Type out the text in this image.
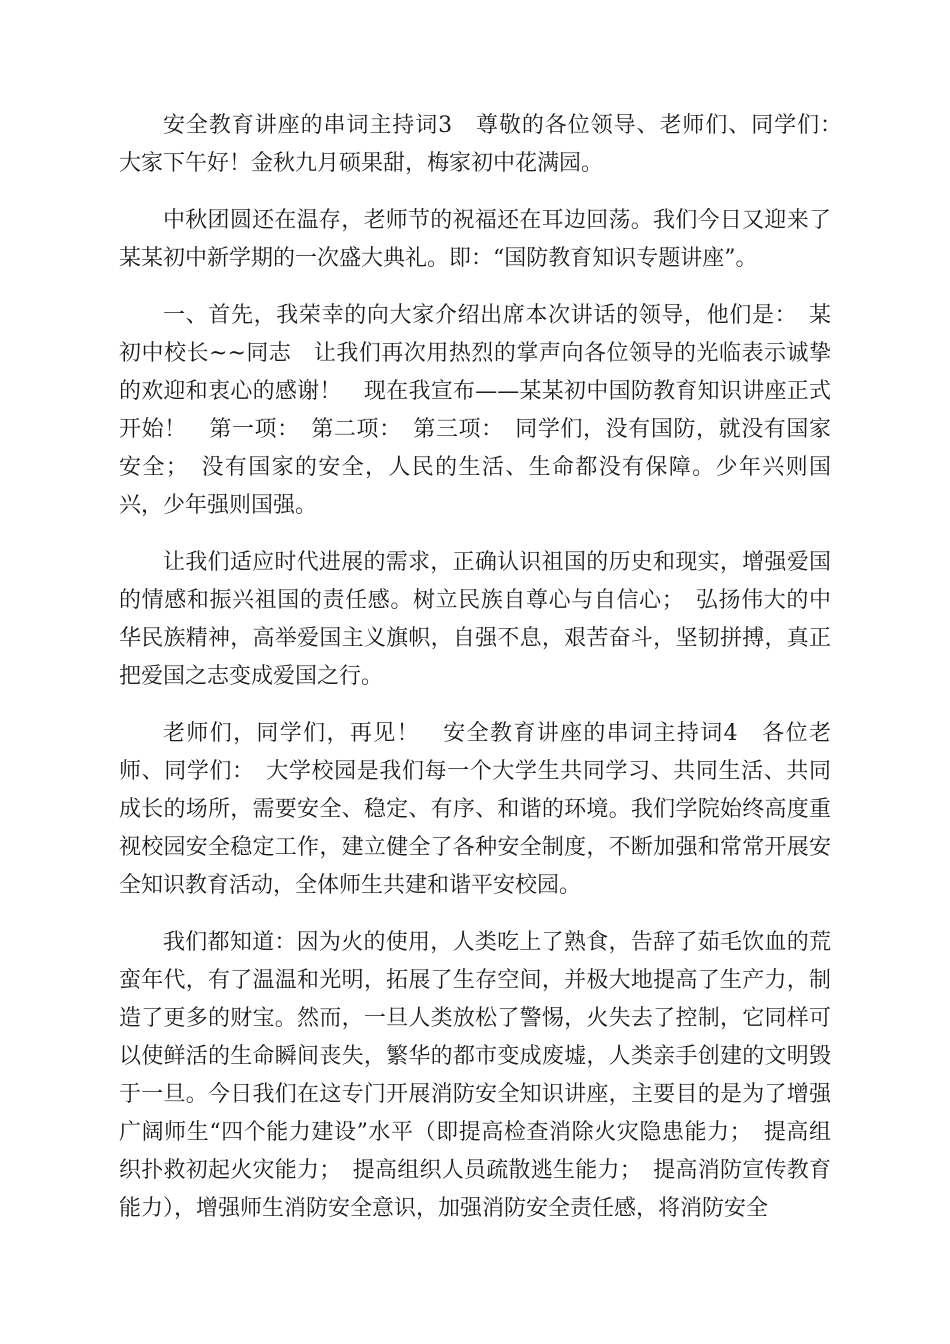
安全教育讲座的串词主持词3　尊敬的各位领导、老师们、同学们：　大家下午好！金秋九月硕果甜，梅家初中花满园。

中秋团圆还在温存，老师节的祝福还在耳边回荡。我们今日又迎来了某某初中新学期的一次盛大典礼。即：“国防教育知识专题讲座”。

一、首先，我荣幸的向大家介绍出席本次讲话的领导，他们是：　某初中校长~~同志　让我们再次用热烈的掌声向各位领导的光临表示诚挚的欢迎和衷心的感谢！　现在我宣布——某某初中国防教育知识讲座正式开始！　第一项：　第二项：　第三项：　同学们，没有国防，就没有国家安全；　没有国家的安全，人民的生活、生命都没有保障。少年兴则国兴，少年强则国强。

让我们适应时代进展的需求，正确认识祖国的历史和现实，增强爱国的情感和振兴祖国的责任感。树立民族自尊心与自信心；　弘扬伟大的中华民族精神，高举爱国主义旗帜，自强不息，艰苦奋斗，坚韧拼搏，真正把爱国之志变成爱国之行。

老师们，同学们，再见！　安全教育讲座的串词主持词4　各位老师、同学们：　大学校园是我们每一个大学生共同学习、共同生活、共同成长的场所，需要安全、稳定、有序、和谐的环境。我们学院始终高度重视校园安全稳定工作，建立健全了各种安全制度，不断加强和常常开展安全知识教育活动，全体师生共建和谐平安校园。

我们都知道：因为火的使用，人类吃上了熟食，告辞了茹毛饮血的荒蛮年代，有了温温和光明，拓展了生存空间，并极大地提高了生产力，制造了更多的财宝。然而，一旦人类放松了警惕，火失去了控制，它同样可以使鲜活的生命瞬间丧失，繁华的都市变成废墟，人类亲手创建的文明毁于一旦。今日我们在这专门开展消防安全知识讲座，主要目的是为了增强广阔师生“四个能力建设”水平（即提高检查消除火灾隐患能力；　提高组织扑救初起火灾能力；　提高组织人员疏散逃生能力；　提高消防宣传教育能力），增强师生消防安全意识，加强消防安全责任感，将消防安全
